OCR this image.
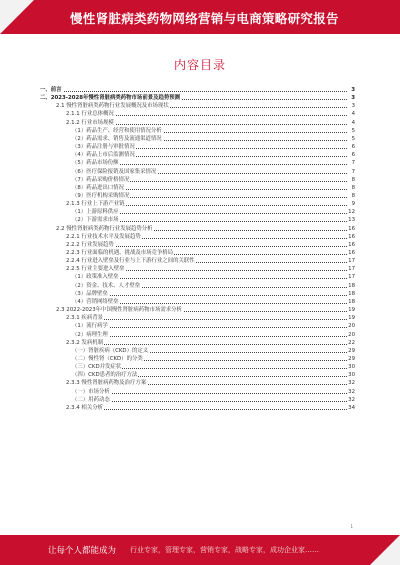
慢性肾脏病类药物网络营销与电商策略研究报告
内容目录
一、前言	3
二、2023-2028年慢性肾脏病类药物市场前景及趋势预测	3
2.1 慢性肾脏病类药物行业发展概况及市场现状	3
2.1.1 行业总体概况	4
2.1.2 行业市场规模	4
（1）药品生产、经营和使用情况分析	5
（2）药品需求、销售及流通渠道情况	5
（3）药品注册与审批情况	6
（4）药品上市后监测情况	6
（5）药品市场份额	7
（6）医疗保险报销及国家集采情况	7
（7）药品采购价格情况	8
（8）药品进出口情况	8
（9）医疗机构采购情况	8
2.1.3 行业上下游产业链	9
（1）上游原料供应	12
（2）下游需求市场	13
2.2 慢性肾脏病类药物行业发展趋势分析	16
2.2.1 行业技术水平及发展趋势	16
2.2.2 行业发展趋势	16
2.2.3 行业面临的机遇、挑战及市场竞争格局	16
2.2.4 行业进入壁垒及行业与上下游行业之间的关联性	17
2.2.5 行业主要进入壁垒	17
（1）政策准入壁垒	17
（2）资金、技术、人才壁垒	18
（3）品牌壁垒	18
（4）营销网络壁垒	18
2.3 2022-2023年中国慢性肾脏病药物市场需求分析	19
2.3.1 疾病背景	19
（1）流行病学	20
（2）病理生理	20
2.3.2 发病机制	22
（一）肾脏疾病（CKD）的定义	29
（二）慢性肾（CKD）的分类	29
（三）CKD并发症状	30
（四）CKD患者的治疗方法	30
2.3.3 慢性肾脏病药物及治疗方案	32
（一）市场分析	32
（二）用药动态	32
2.3.4 相关分析	34
1
让每个人都能成为 行业专家，管理专家，营销专家，战略专家，成功企业家……
